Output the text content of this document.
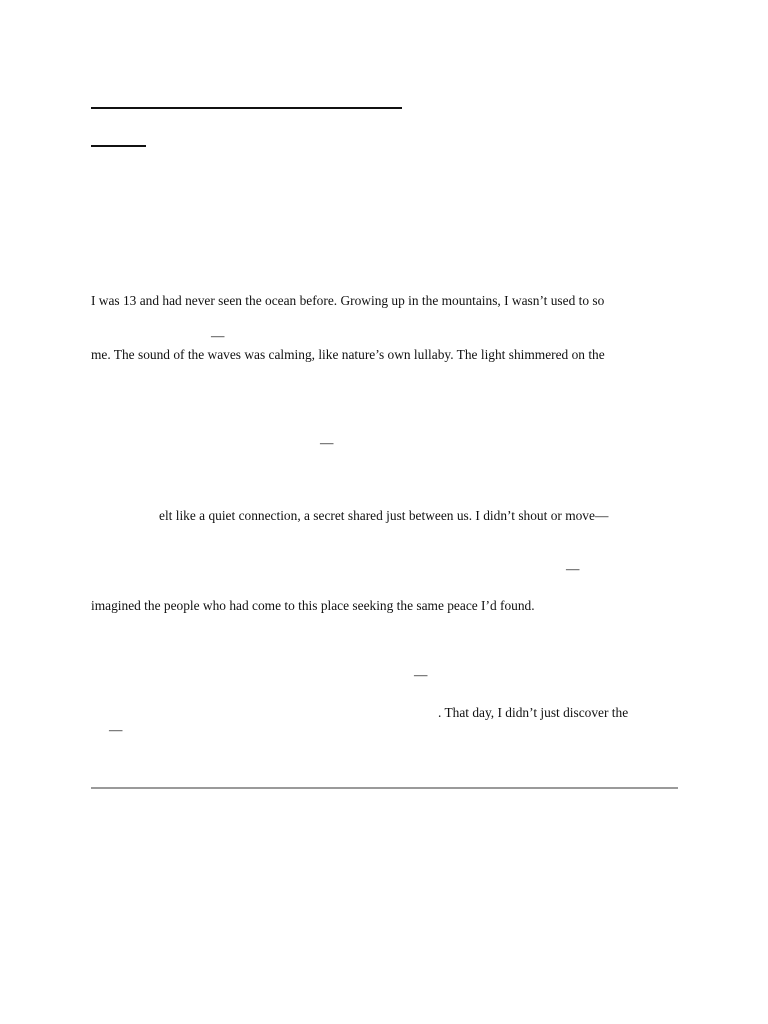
I was 13 and had never seen the ocean before. Growing up in the mountains, I wasn’t used to so
—
me. The sound of the waves was calming, like nature’s own lullaby. The light shimmered on the
—
elt like a quiet connection, a secret shared just between us. I didn’t shout or move—
—
imagined the people who had come to this place seeking the same peace I’d found.
—
. That day, I didn’t just discover the
—
